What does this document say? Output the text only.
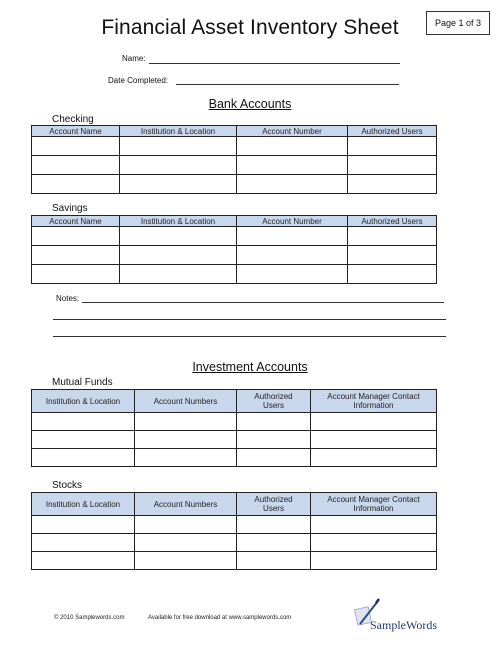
Financial Asset Inventory Sheet	Page 1 of 3
Name:
Date Completed:
Bank Accounts
Checking
Account Name	Institution & Location	Account Number	Authorized Users

Savings
Account Name	Institution & Location	Account Number	Authorized Users

Notes:
Investment Accounts
Mutual Funds
Institution & Location	Account Numbers	Authorized Users	Account Manager Contact Information

Stocks
Institution & Location	Account Numbers	Authorized Users	Account Manager Contact Information

© 2010 Samplewords.com	Available for free download at www.samplewords.com	SampleWords
